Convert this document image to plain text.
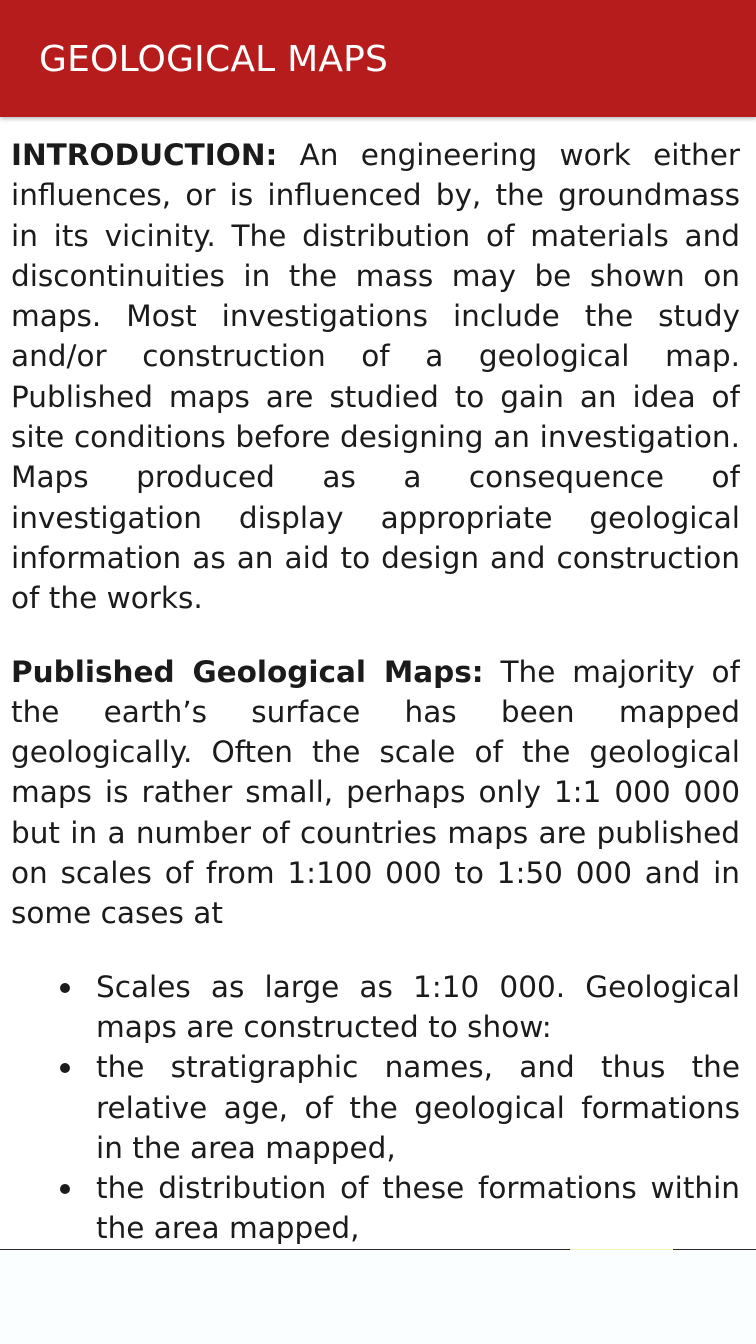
GEOLOGICAL MAPS

INTRODUCTION: An engineering work either influences, or is influenced by, the groundmass in its vicinity. The distribution of materials and discontinuities in the mass may be shown on maps. Most investigations include the study and/or construction of a geological map. Published maps are studied to gain an idea of site conditions before designing an investigation. Maps produced as a consequence of investigation display appropriate geological information as an aid to design and construction of the works.

Published Geological Maps: The majority of the earth’s surface has been mapped geologically. Often the scale of the geological maps is rather small, perhaps only 1:1 000 000 but in a number of countries maps are published on scales of from 1:100 000 to 1:50 000 and in some cases at

Scales as large as 1:10 000. Geological maps are constructed to show:
the stratigraphic names, and thus the relative age, of the geological formations in the area mapped,
the distribution of these formations within the area mapped,
